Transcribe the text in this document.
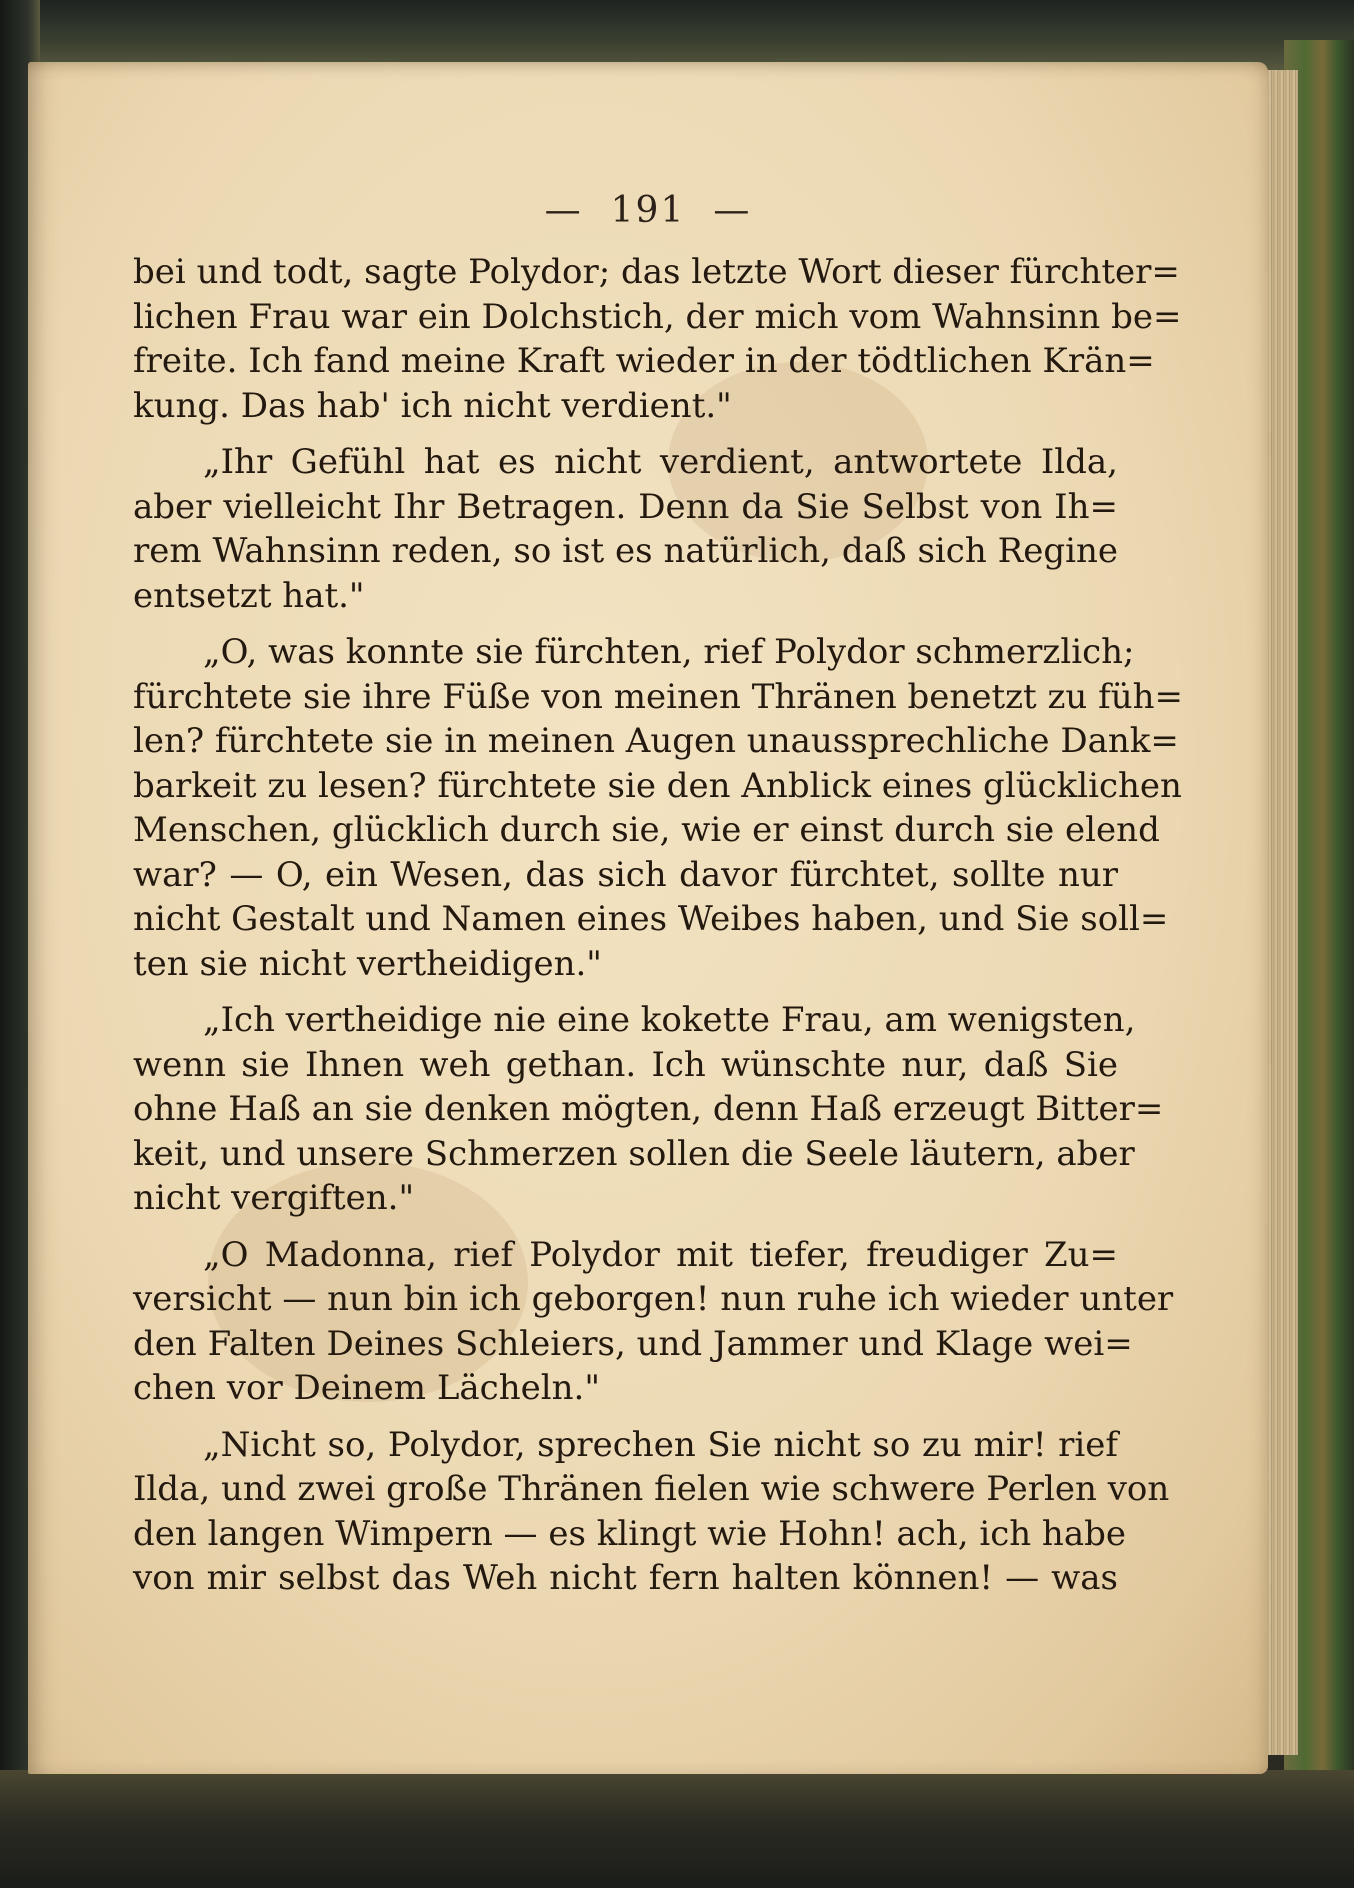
— 191 —
bei und todt, sagte Polydor; das letzte Wort dieser fürchter=
lichen Frau war ein Dolchstich, der mich vom Wahnsinn be=
freite. Ich fand meine Kraft wieder in der tödtlichen Krän=
kung. Das hab' ich nicht verdient."
„Ihr Gefühl hat es nicht verdient, antwortete Ilda,
aber vielleicht Ihr Betragen. Denn da Sie Selbst von Ih=
rem Wahnsinn reden, so ist es natürlich, daß sich Regine
entsetzt hat."
„O, was konnte sie fürchten, rief Polydor schmerzlich;
fürchtete sie ihre Füße von meinen Thränen benetzt zu füh=
len? fürchtete sie in meinen Augen unaussprechliche Dank=
barkeit zu lesen? fürchtete sie den Anblick eines glücklichen
Menschen, glücklich durch sie, wie er einst durch sie elend
war? — O, ein Wesen, das sich davor fürchtet, sollte nur
nicht Gestalt und Namen eines Weibes haben, und Sie soll=
ten sie nicht vertheidigen."
„Ich vertheidige nie eine kokette Frau, am wenigsten,
wenn sie Ihnen weh gethan. Ich wünschte nur, daß Sie
ohne Haß an sie denken mögten, denn Haß erzeugt Bitter=
keit, und unsere Schmerzen sollen die Seele läutern, aber
nicht vergiften."
„O Madonna, rief Polydor mit tiefer, freudiger Zu=
versicht — nun bin ich geborgen! nun ruhe ich wieder unter
den Falten Deines Schleiers, und Jammer und Klage wei=
chen vor Deinem Lächeln."
„Nicht so, Polydor, sprechen Sie nicht so zu mir! rief
Ilda, und zwei große Thränen fielen wie schwere Perlen von
den langen Wimpern — es klingt wie Hohn! ach, ich habe
von mir selbst das Weh nicht fern halten können! — was
